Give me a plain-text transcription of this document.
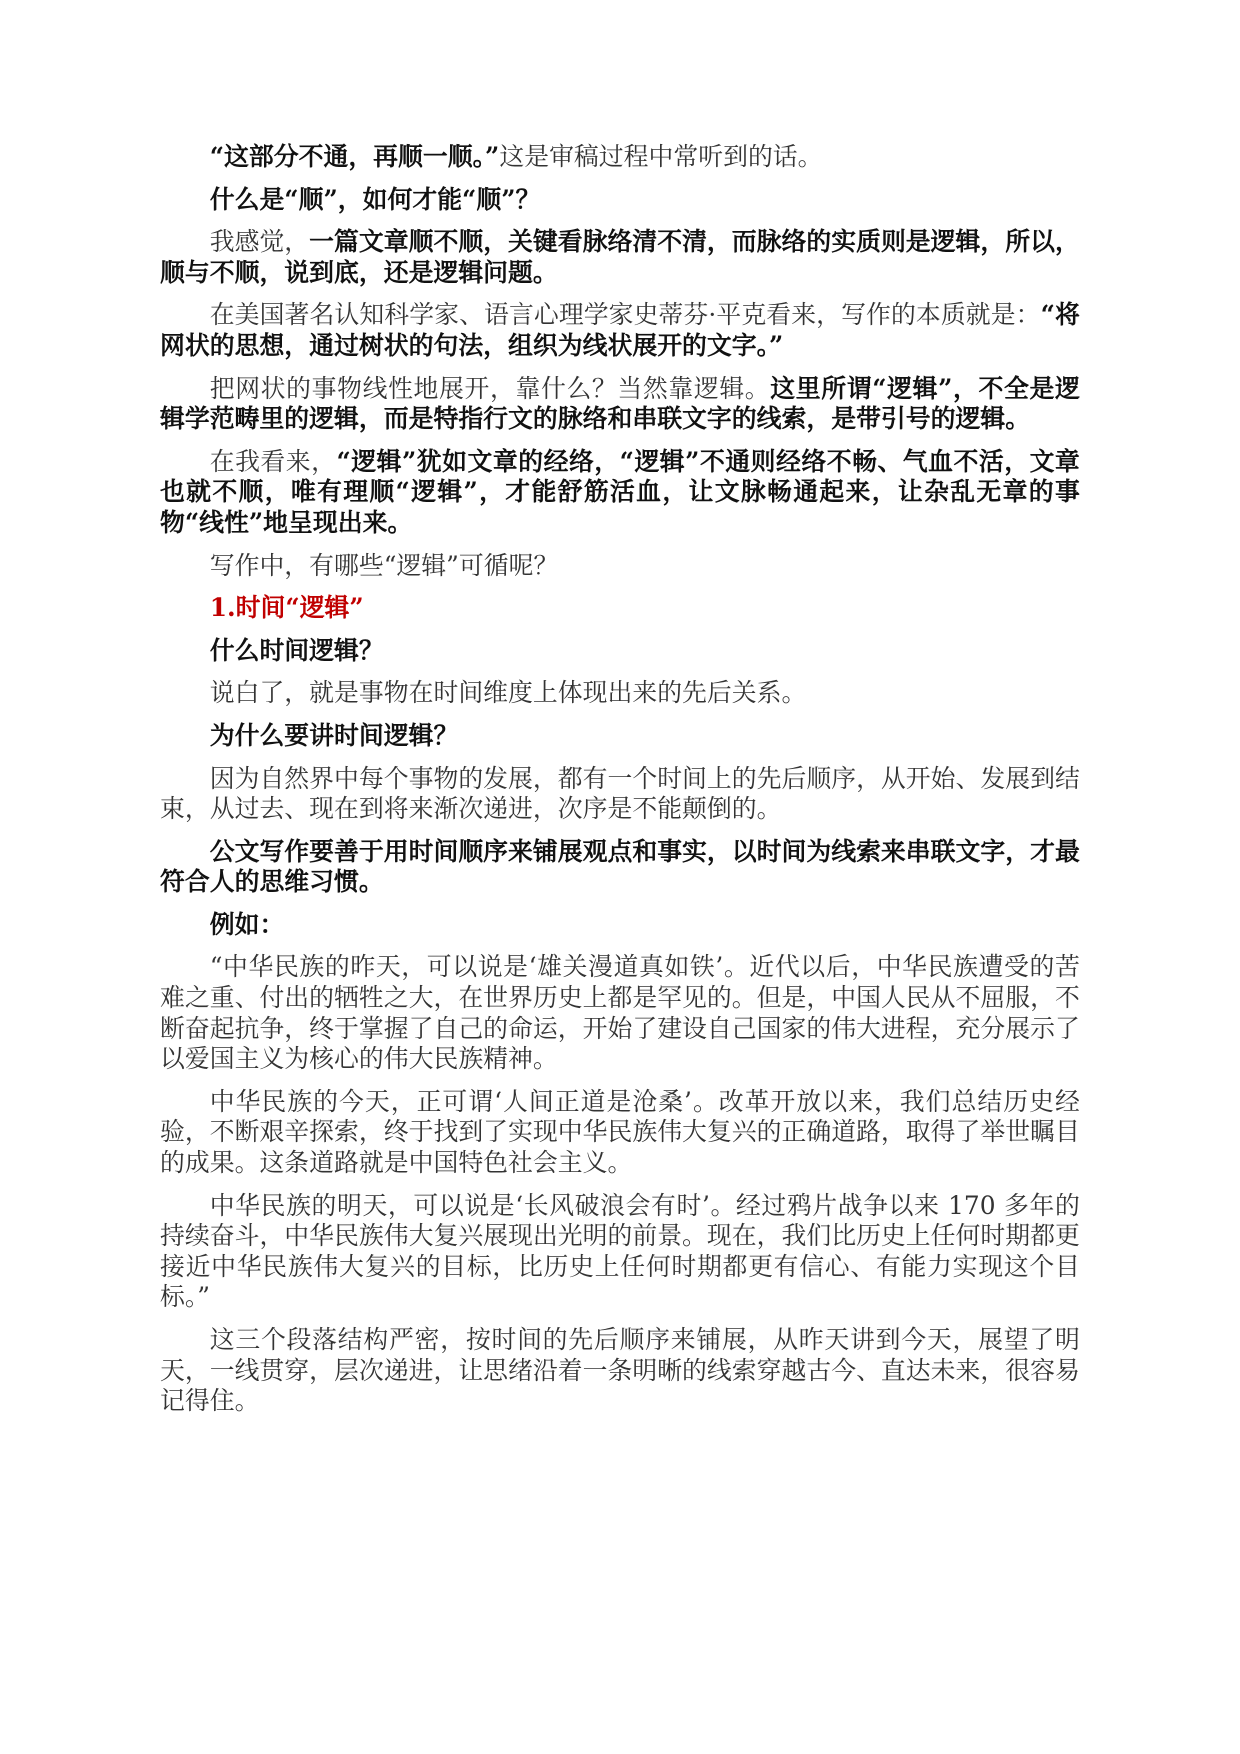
“这部分不通，再顺一顺。”这是审稿过程中常听到的话。

什么是“顺”，如何才能“顺”？

我感觉，一篇文章顺不顺，关键看脉络清不清，而脉络的实质则是逻辑，所以，顺与不顺，说到底，还是逻辑问题。

在美国著名认知科学家、语言心理学家史蒂芬·平克看来，写作的本质就是：“将网状的思想，通过树状的句法，组织为线状展开的文字。”

把网状的事物线性地展开，靠什么？当然靠逻辑。这里所谓“逻辑”，不全是逻辑学范畴里的逻辑，而是特指行文的脉络和串联文字的线索，是带引号的逻辑。

在我看来，“逻辑”犹如文章的经络，“逻辑”不通则经络不畅、气血不活，文章也就不顺，唯有理顺“逻辑”，才能舒筋活血，让文脉畅通起来，让杂乱无章的事物“线性”地呈现出来。

写作中，有哪些“逻辑”可循呢？

1.时间“逻辑”

什么时间逻辑？

说白了，就是事物在时间维度上体现出来的先后关系。

为什么要讲时间逻辑？

因为自然界中每个事物的发展，都有一个时间上的先后顺序，从开始、发展到结束，从过去、现在到将来渐次递进，次序是不能颠倒的。

公文写作要善于用时间顺序来铺展观点和事实，以时间为线索来串联文字，才最符合人的思维习惯。

例如：

“中华民族的昨天，可以说是‘雄关漫道真如铁’。近代以后，中华民族遭受的苦难之重、付出的牺牲之大，在世界历史上都是罕见的。但是，中国人民从不屈服，不断奋起抗争，终于掌握了自己的命运，开始了建设自己国家的伟大进程，充分展示了以爱国主义为核心的伟大民族精神。

中华民族的今天，正可谓‘人间正道是沧桑’。改革开放以来，我们总结历史经验，不断艰辛探索，终于找到了实现中华民族伟大复兴的正确道路，取得了举世瞩目的成果。这条道路就是中国特色社会主义。

中华民族的明天，可以说是‘长风破浪会有时’。经过鸦片战争以来 170 多年的持续奋斗，中华民族伟大复兴展现出光明的前景。现在，我们比历史上任何时期都更接近中华民族伟大复兴的目标，比历史上任何时期都更有信心、有能力实现这个目标。”

这三个段落结构严密，按时间的先后顺序来铺展，从昨天讲到今天，展望了明天，一线贯穿，层次递进，让思绪沿着一条明晰的线索穿越古今、直达未来，很容易记得住。
